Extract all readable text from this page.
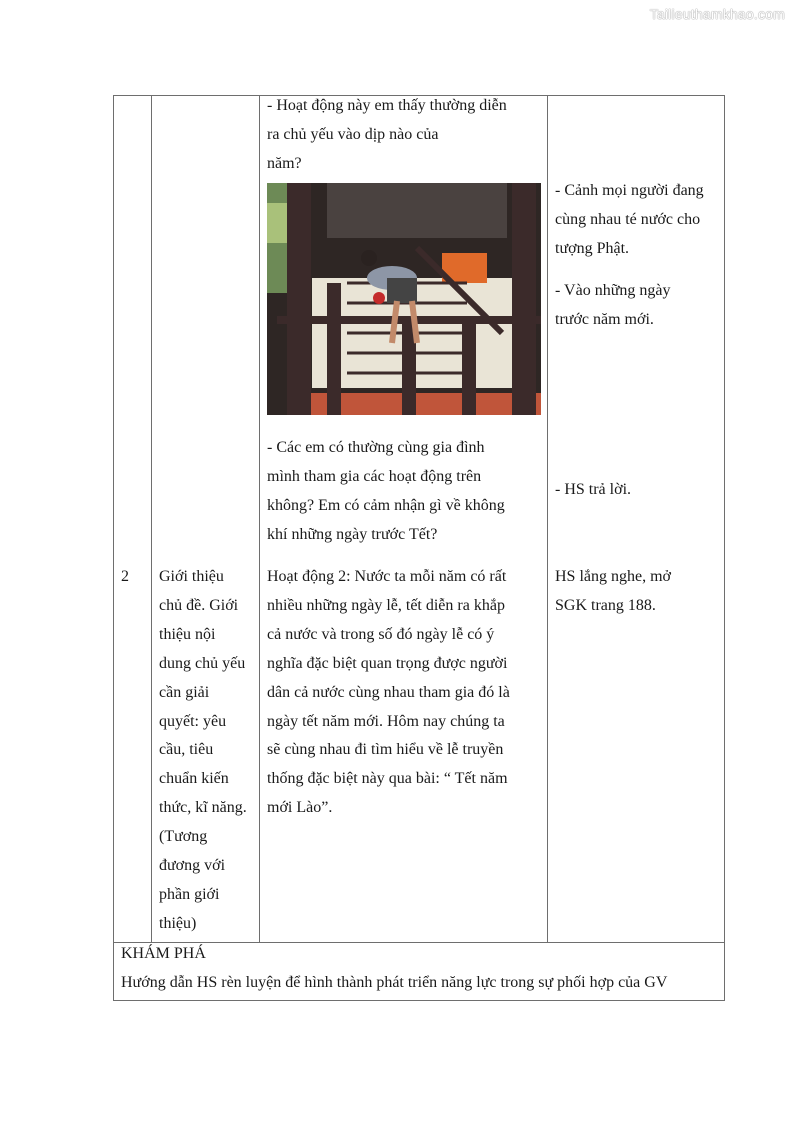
Tailieuthamkhao.com
- Hoạt động này em thấy thường diễn
ra chủ yếu vào dịp nào của
năm?
- Các em có thường cùng gia đình
mình tham gia các hoạt động trên
không? Em có cảm nhận gì về không
khí những ngày trước Tết?
- Cảnh mọi người đang
cùng nhau té nước cho
tượng Phật.
- Vào những ngày
trước năm mới.
- HS trả lời.
2 Giới thiệu
chủ đề. Giới
thiệu nội
dung chủ yếu
cần giải
quyết: yêu
cầu, tiêu
chuẩn kiến
thức, kĩ năng.
(Tương
đương với
phần giới
thiệu)
Hoạt động 2: Nước ta mỗi năm có rất
nhiều những ngày lễ, tết diễn ra khắp
cả nước và trong số đó ngày lễ có ý
nghĩa đặc biệt quan trọng được người
dân cả nước cùng nhau tham gia đó là
ngày tết năm mới. Hôm nay chúng ta
sẽ cùng nhau đi tìm hiểu về lễ truyền
thống đặc biệt này qua bài: “ Tết năm
mới Lào”.
HS lắng nghe, mở
SGK trang 188.
KHÁM PHÁ
Hướng dẫn HS rèn luyện để hình thành phát triển năng lực trong sự phối hợp của GV
